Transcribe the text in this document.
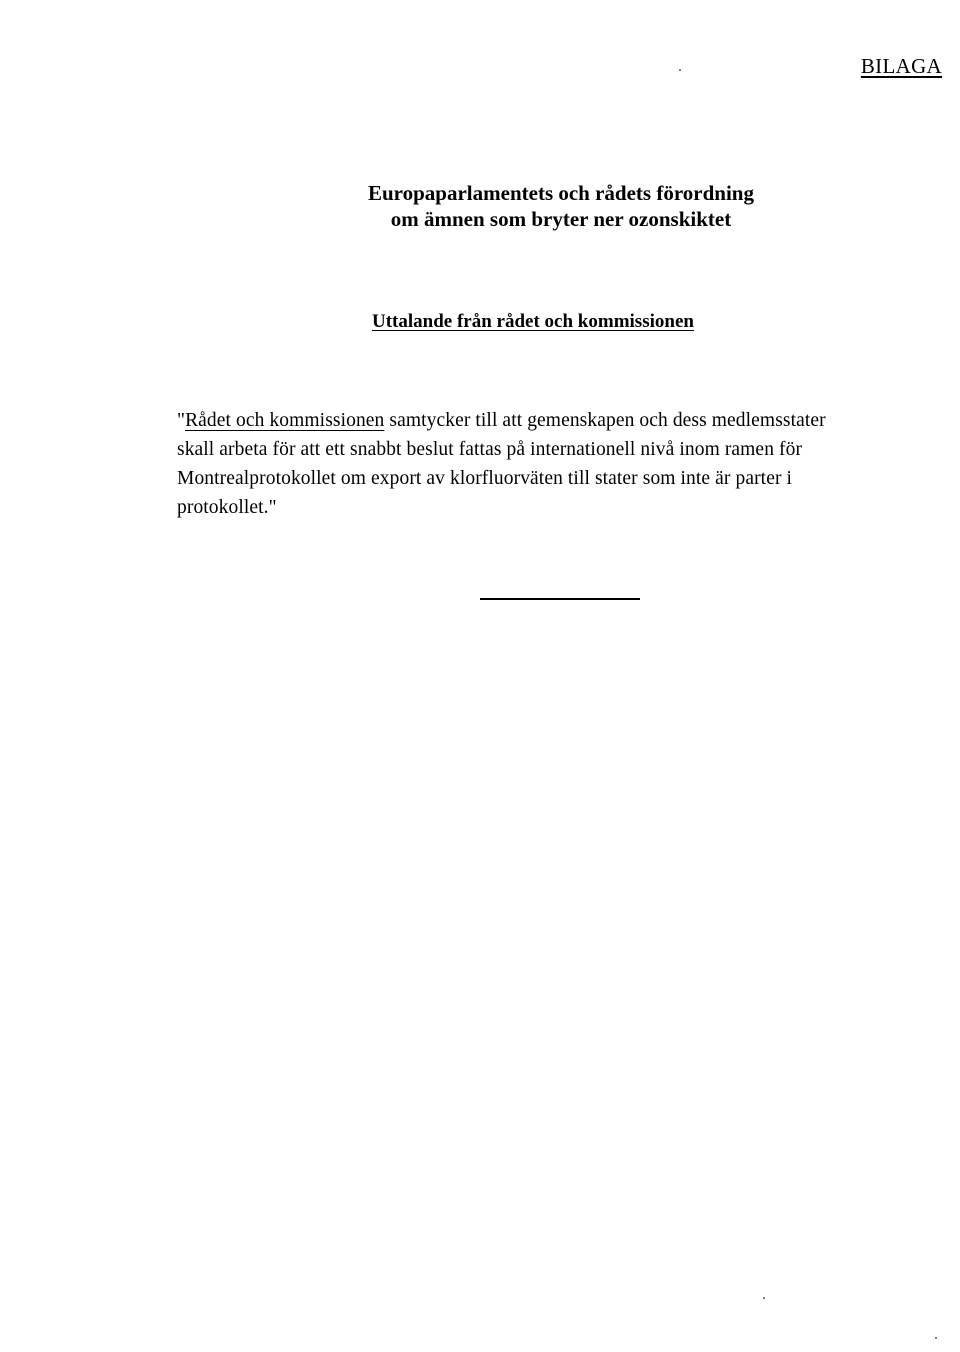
BILAGA
Europaparlamentets och rådets förordning
om ämnen som bryter ner ozonskiktet
Uttalande från rådet och kommissionen
"Rådet och kommissionen samtycker till att gemenskapen och dess medlemsstater
skall arbeta för att ett snabbt beslut fattas på internationell nivå inom ramen för
Montrealprotokollet om export av klorfluorväten till stater som inte är parter i
protokollet."
